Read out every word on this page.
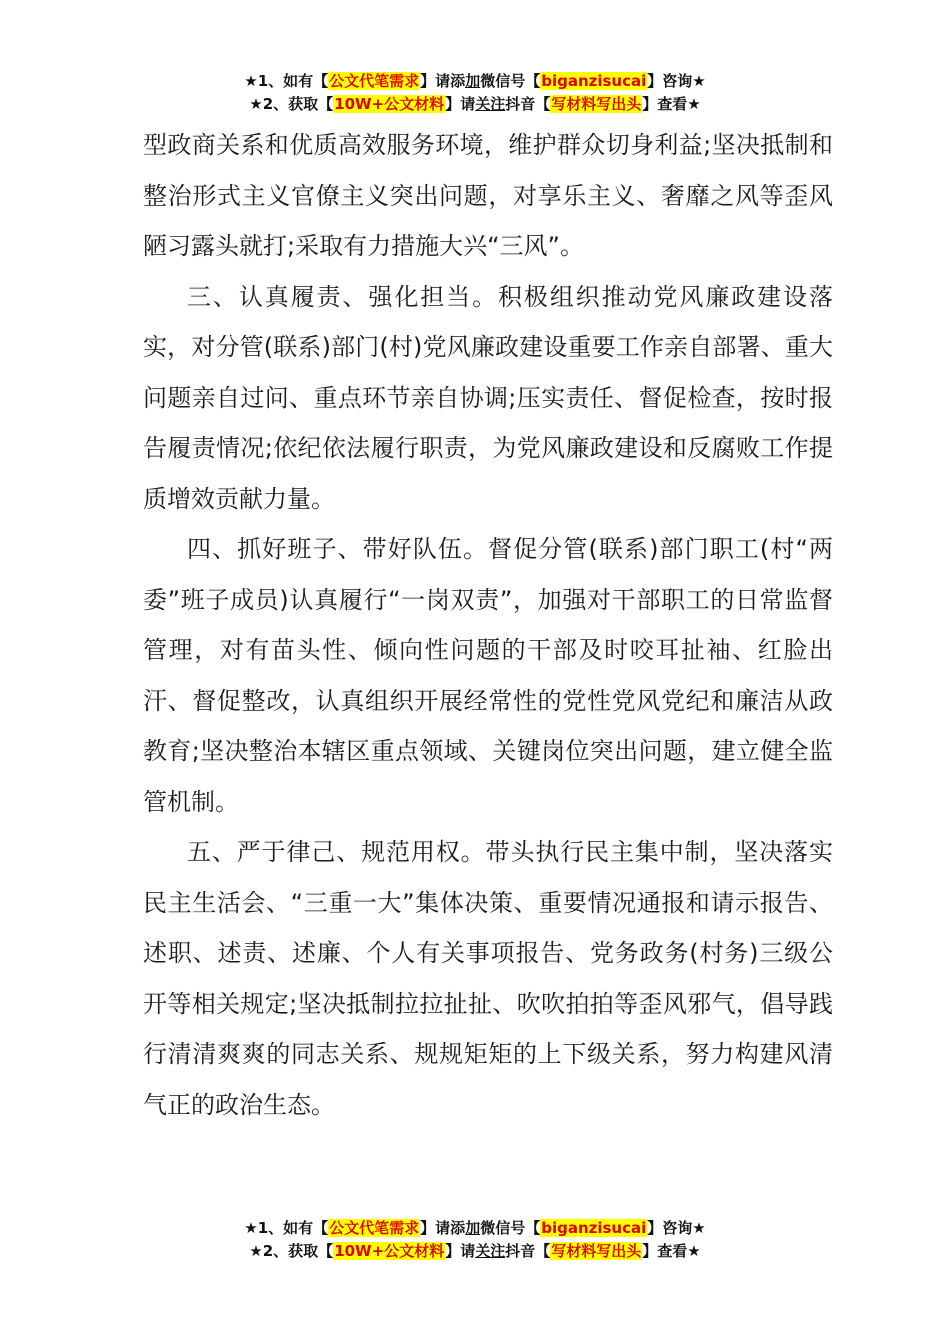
★1、如有【公文代笔需求】请添加微信号【biganzisucai】咨询★
★2、获取【10W+公文材料】请关注抖音【写材料写出头】查看★

型政商关系和优质高效服务环境，维护群众切身利益;坚决抵制和整治形式主义官僚主义突出问题，对享乐主义、奢靡之风等歪风陋习露头就打;采取有力措施大兴“三风”。

三、认真履责、强化担当。积极组织推动党风廉政建设落实，对分管(联系)部门(村)党风廉政建设重要工作亲自部署、重大问题亲自过问、重点环节亲自协调;压实责任、督促检查，按时报告履责情况;依纪依法履行职责，为党风廉政建设和反腐败工作提质增效贡献力量。

四、抓好班子、带好队伍。督促分管(联系)部门职工(村“两委”班子成员)认真履行“一岗双责”，加强对干部职工的日常监督管理，对有苗头性、倾向性问题的干部及时咬耳扯袖、红脸出汗、督促整改，认真组织开展经常性的党性党风党纪和廉洁从政教育;坚决整治本辖区重点领域、关键岗位突出问题，建立健全监管机制。

五、严于律己、规范用权。带头执行民主集中制，坚决落实民主生活会、“三重一大”集体决策、重要情况通报和请示报告、述职、述责、述廉、个人有关事项报告、党务政务(村务)三级公开等相关规定;坚决抵制拉拉扯扯、吹吹拍拍等歪风邪气，倡导践行清清爽爽的同志关系、规规矩矩的上下级关系，努力构建风清气正的政治生态。

★1、如有【公文代笔需求】请添加微信号【biganzisucai】咨询★
★2、获取【10W+公文材料】请关注抖音【写材料写出头】查看★
